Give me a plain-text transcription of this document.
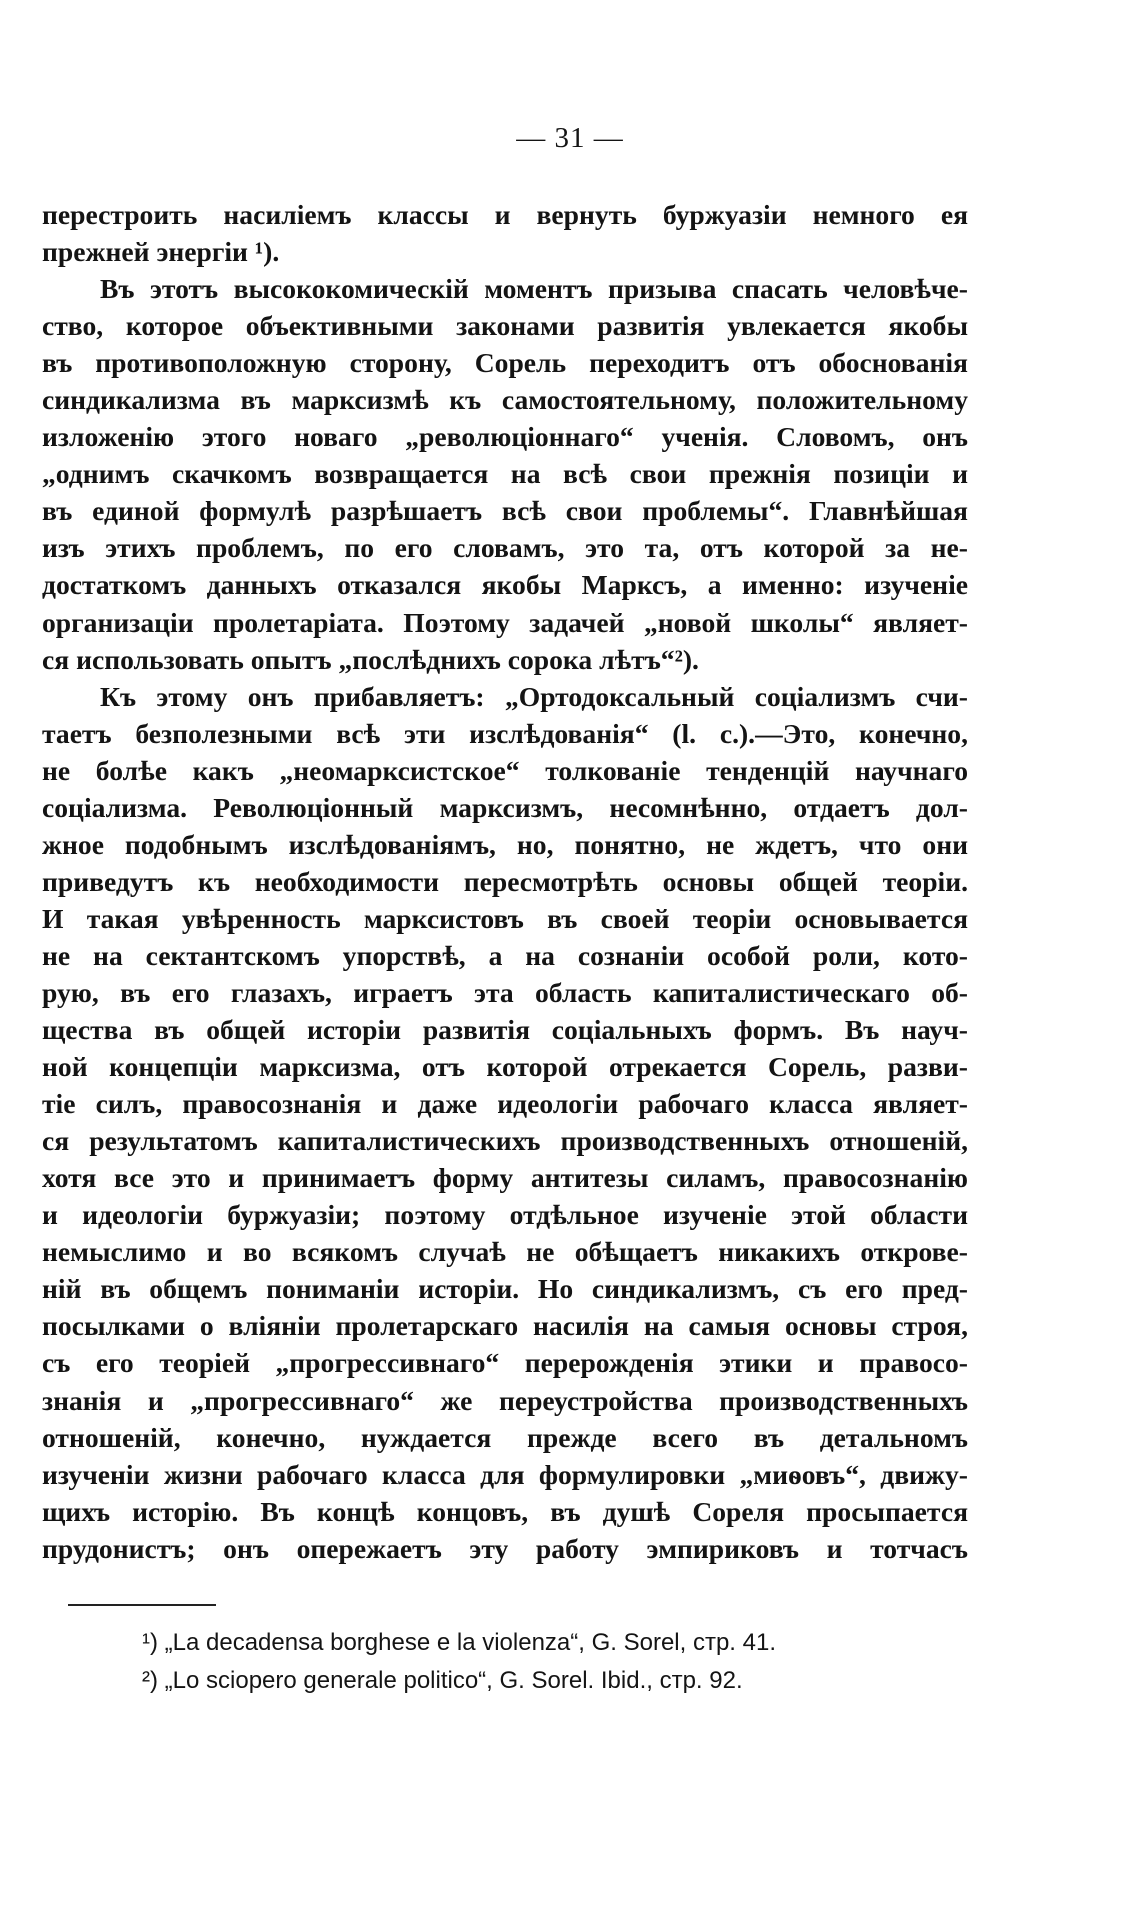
— 31 —
перестроить насиліемъ классы и вернуть буржуазіи немного ея
прежней энергіи ¹).
Въ этотъ высококомическій моментъ призыва спасать человѣче-
ство, которое объективными законами развитія увлекается якобы
въ противоположную сторону, Сорель переходитъ отъ обоснованія
синдикализма въ марксизмѣ къ самостоятельному, положительному
изложенію этого новаго „революціоннаго“ ученія. Словомъ, онъ
„однимъ скачкомъ возвращается на всѣ свои прежнія позиціи и
въ единой формулѣ разрѣшаетъ всѣ свои проблемы“. Главнѣйшая
изъ этихъ проблемъ, по его словамъ, это та, отъ которой за не-
достаткомъ данныхъ отказался якобы Марксъ, а именно: изученіе
организаціи пролетаріата. Поэтому задачей „новой школы“ являет-
ся использовать опытъ „послѣднихъ сорока лѣтъ“²).
Къ этому онъ прибавляетъ: „Ортодоксальный соціализмъ счи-
таетъ безполезными всѣ эти изслѣдованія“ (l. c.).—Это, конечно,
не болѣе какъ „неомарксистское“ толкованіе тенденцій научнаго
соціализма. Революціонный марксизмъ, несомнѣнно, отдаетъ дол-
жное подобнымъ изслѣдованіямъ, но, понятно, не ждетъ, что они
приведутъ къ необходимости пересмотрѣть основы общей теоріи.
И такая увѣренность марксистовъ въ своей теоріи основывается
не на сектантскомъ упорствѣ, а на сознаніи особой роли, кото-
рую, въ его глазахъ, играетъ эта область капиталистическаго об-
щества въ общей исторіи развитія соціальныхъ формъ. Въ науч-
ной концепціи марксизма, отъ которой отрекается Сорель, разви-
тіе силъ, правосознанія и даже идеологіи рабочаго класса являет-
ся результатомъ капиталистическихъ производственныхъ отношеній,
хотя все это и принимаетъ форму антитезы силамъ, правосознанію
и идеологіи буржуазіи; поэтому отдѣльное изученіе этой области
немыслимо и во всякомъ случаѣ не обѣщаетъ никакихъ открове-
ній въ общемъ пониманіи исторіи. Но синдикализмъ, съ его пред-
посылками о вліяніи пролетарскаго насилія на самыя основы строя,
съ его теоріей „прогрессивнаго“ перерожденія этики и правосо-
знанія и „прогрессивнаго“ же переустройства производственныхъ
отношеній, конечно, нуждается прежде всего въ детальномъ
изученіи жизни рабочаго класса для формулировки „миѳовъ“, движу-
щихъ исторію. Въ концѣ концовъ, въ душѣ Сореля просыпается
прудонистъ; онъ опережаетъ эту работу эмпириковъ и тотчасъ
¹) „La decadensa borghese e la violenza“, G. Sorel, стр. 41.
²) „Lo sciopero generale politico“, G. Sorel. Ibid., стр. 92.
